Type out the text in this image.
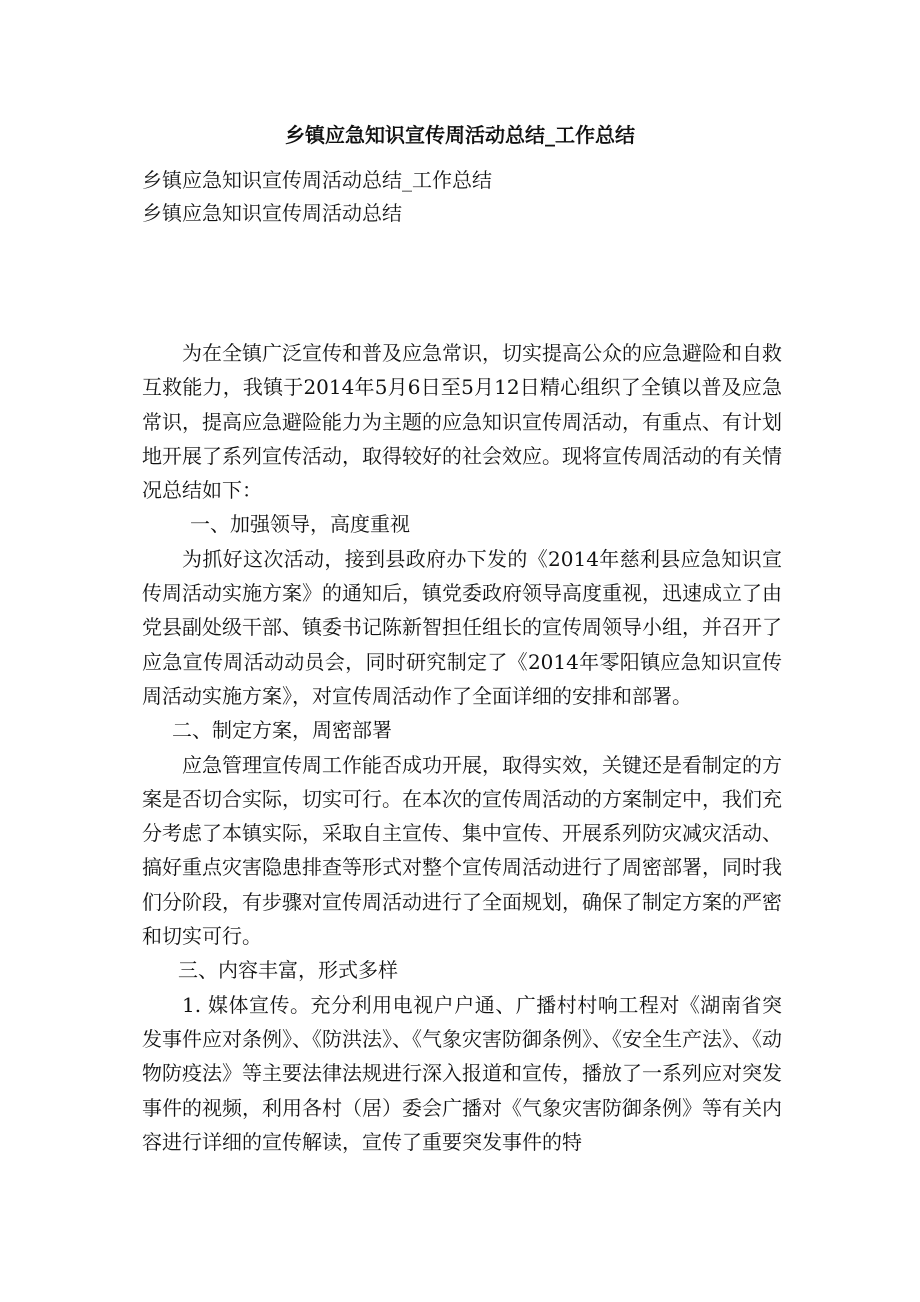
乡镇应急知识宣传周活动总结_工作总结
乡镇应急知识宣传周活动总结_工作总结
乡镇应急知识宣传周活动总结

为在全镇广泛宣传和普及应急常识，切实提高公众的应急避险和自救互救能力，我镇于2014年5月6日至5月12日精心组织了全镇以普及应急常识，提高应急避险能力为主题的应急知识宣传周活动，有重点、有计划地开展了系列宣传活动，取得较好的社会效应。现将宣传周活动的有关情况总结如下：

一、加强领导，高度重视

为抓好这次活动，接到县政府办下发的《2014年慈利县应急知识宣传周活动实施方案》的通知后，镇党委政府领导高度重视，迅速成立了由党县副处级干部、镇委书记陈新智担任组长的宣传周领导小组，并召开了应急宣传周活动动员会，同时研究制定了《2014年零阳镇应急知识宣传周活动实施方案》，对宣传周活动作了全面详细的安排和部署。

二、制定方案，周密部署

应急管理宣传周工作能否成功开展，取得实效，关键还是看制定的方案是否切合实际，切实可行。在本次的宣传周活动的方案制定中，我们充分考虑了本镇实际，采取自主宣传、集中宣传、开展系列防灾减灾活动、搞好重点灾害隐患排查等形式对整个宣传周活动进行了周密部署，同时我们分阶段，有步骤对宣传周活动进行了全面规划，确保了制定方案的严密和切实可行。

三、内容丰富，形式多样

1. 媒体宣传。充分利用电视户户通、广播村村响工程对《湖南省突发事件应对条例》、《防洪法》、《气象灾害防御条例》、《安全生产法》、《动物防疫法》等主要法律法规进行深入报道和宣传，播放了一系列应对突发事件的视频，利用各村（居）委会广播对《气象灾害防御条例》等有关内容进行详细的宣传解读，宣传了重要突发事件的特
